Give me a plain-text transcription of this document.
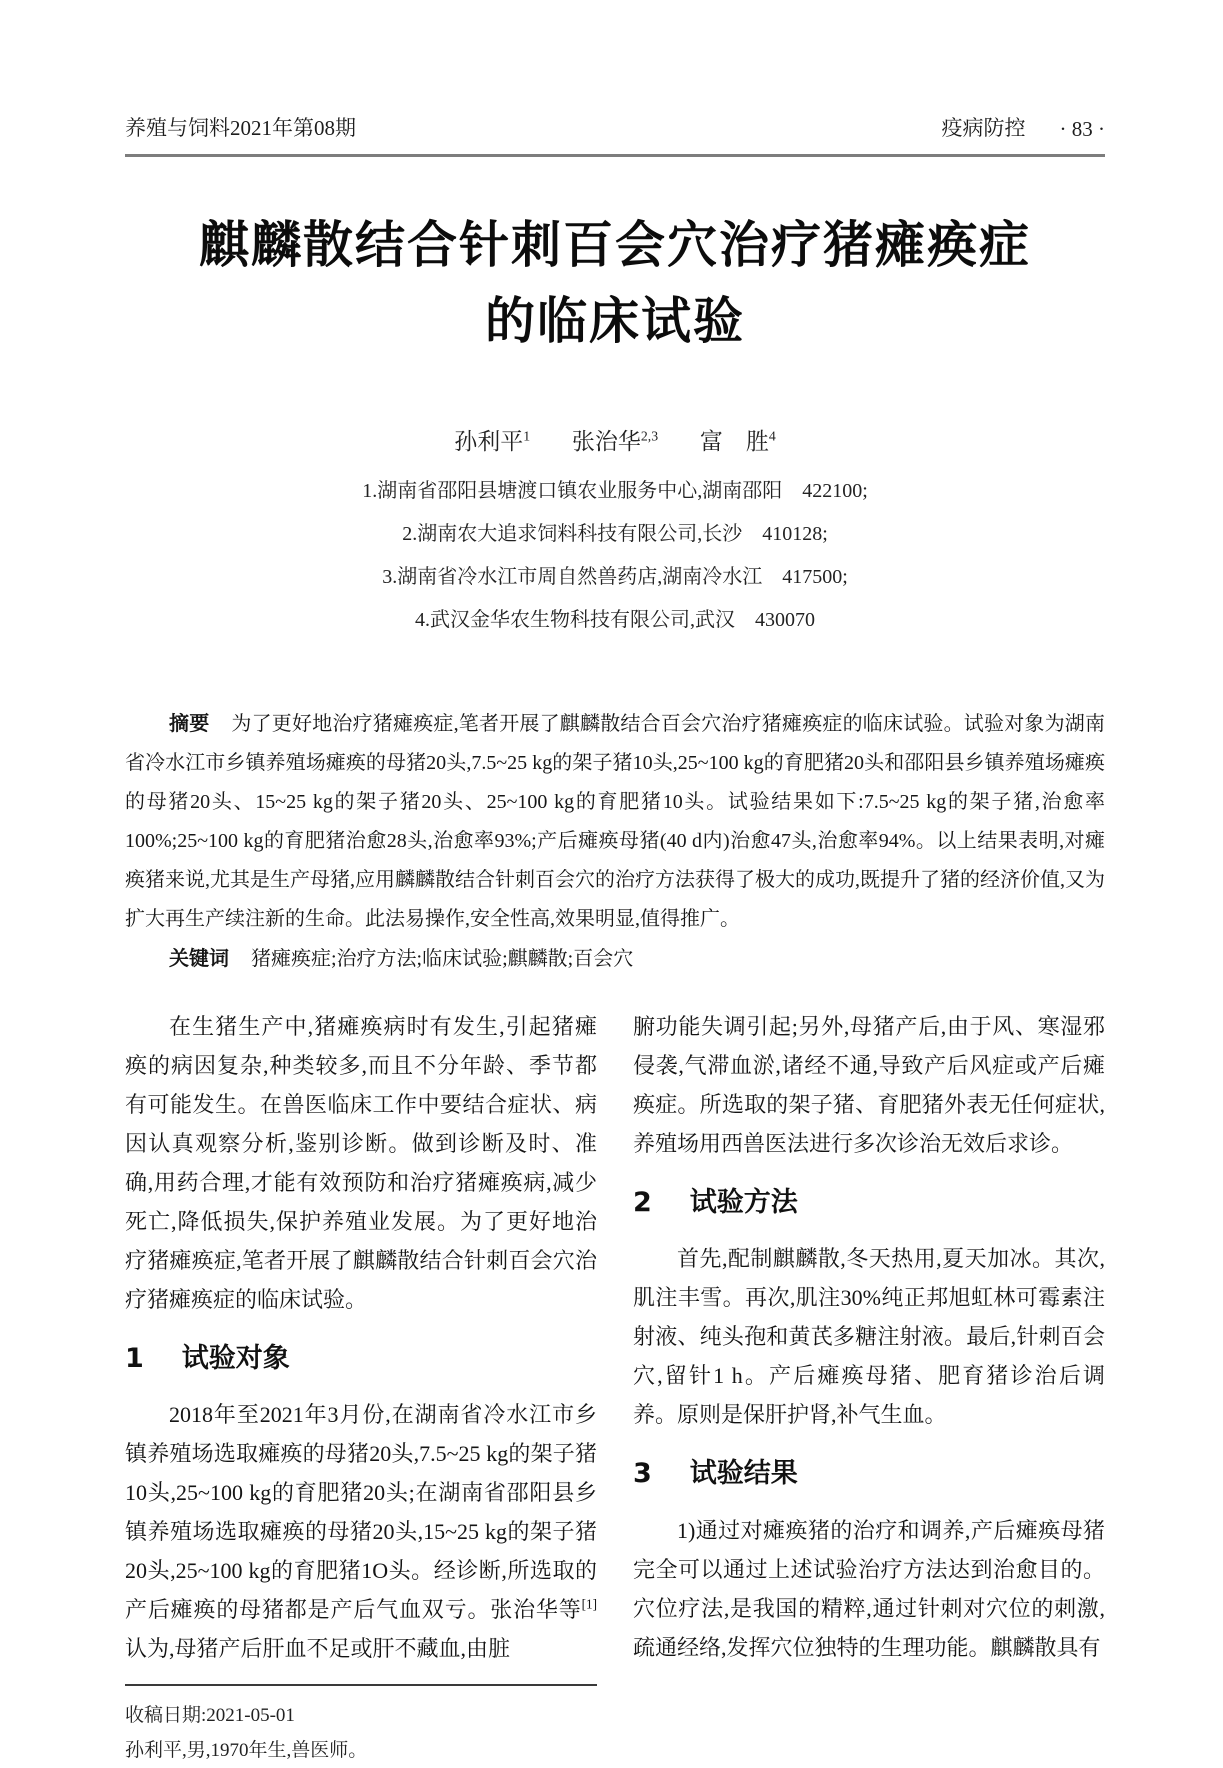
养殖与饲料2021年第08期	疫病防控 · 83 ·
麒麟散结合针刺百会穴治疗猪瘫痪症
的临床试验
孙利平$^1$ 张治华$^{2,3}$ 富　胜$^4$
1.湖南省邵阳县塘渡口镇农业服务中心,湖南邵阳　422100;
2.湖南农大追求饲料科技有限公司,长沙　410128;
3.湖南省冷水江市周自然兽药店,湖南冷水江　417500;
4.武汉金华农生物科技有限公司,武汉　430070

摘要 为了更好地治疗猪瘫痪症,笔者开展了麒麟散结合百会穴治疗猪瘫痪症的临床试验。试验对象为湖南省冷水江市乡镇养殖场瘫痪的母猪20头,7.5~25 kg的架子猪10头,25~100 kg的育肥猪20头和邵阳县乡镇养殖场瘫痪的母猪20头、15~25 kg的架子猪20头、25~100 kg的育肥猪10头。试验结果如下:7.5~25 kg的架子猪,治愈率100%;25~100 kg的育肥猪治愈28头,治愈率93%;产后瘫痪母猪(40 d内)治愈47头,治愈率94%。以上结果表明,对瘫痪猪来说,尤其是生产母猪,应用麟麟散结合针刺百会穴的治疗方法获得了极大的成功,既提升了猪的经济价值,又为扩大再生产续注新的生命。此法易操作,安全性高,效果明显,值得推广。

关键词 猪瘫痪症;治疗方法;临床试验;麒麟散;百会穴

在生猪生产中,猪瘫痪病时有发生,引起猪瘫痪的病因复杂,种类较多,而且不分年龄、季节都有可能发生。在兽医临床工作中要结合症状、病因认真观察分析,鉴别诊断。做到诊断及时、准确,用药合理,才能有效预防和治疗猪瘫痪病,减少死亡,降低损失,保护养殖业发展。为了更好地治疗猪瘫痪症,笔者开展了麒麟散结合针刺百会穴治疗猪瘫痪症的临床试验。

1 试验对象

2018年至2021年3月份,在湖南省冷水江市乡镇养殖场选取瘫痪的母猪20头,7.5~25 kg的架子猪10头,25~100 kg的育肥猪20头;在湖南省邵阳县乡镇养殖场选取瘫痪的母猪20头,15~25 kg的架子猪20头,25~100 kg的育肥猪1O头。经诊断,所选取的产后瘫痪的母猪都是产后气血双亏。张治华等[1]认为,母猪产后肝血不足或肝不藏血,由脏

收稿日期:2021-05-01

孙利平,男,1970年生,兽医师。

腑功能失调引起;另外,母猪产后,由于风、寒湿邪侵袭,气滞血淤,诸经不通,导致产后风症或产后瘫痪症。所选取的架子猪、育肥猪外表无任何症状,养殖场用西兽医法进行多次诊治无效后求诊。

2 试验方法

首先,配制麒麟散,冬天热用,夏天加冰。其次,肌注丰雪。再次,肌注30%纯正邦旭虹林可霉素注射液、纯头孢和黄芪多糖注射液。最后,针刺百会穴,留针1 h。产后瘫痪母猪、肥育猪诊治后调养。原则是保肝护肾,补气生血。

3 试验结果

1)通过对瘫痪猪的治疗和调养,产后瘫痪母猪完全可以通过上述试验治疗方法达到治愈目的。穴位疗法,是我国的精粹,通过针刺对穴位的刺激,疏通经络,发挥穴位独特的生理功能。麒麟散具有
